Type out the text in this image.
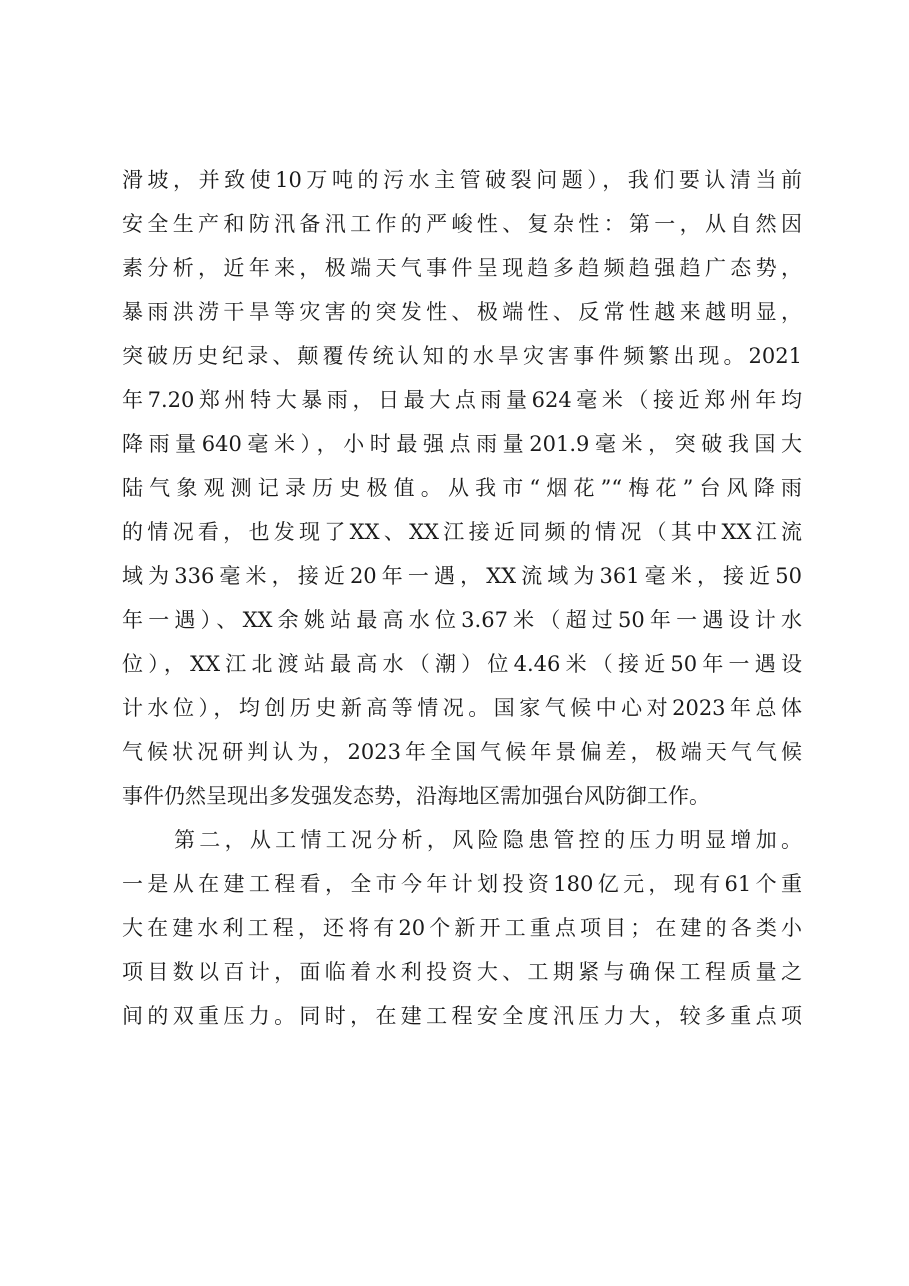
滑坡，并致使10万吨的污水主管破裂问题），我们要认清当前
安全生产和防汛备汛工作的严峻性、复杂性：第一，从自然因
素分析，近年来，极端天气事件呈现趋多趋频趋强趋广态势，
暴雨洪涝干旱等灾害的突发性、极端性、反常性越来越明显，
突破历史纪录、颠覆传统认知的水旱灾害事件频繁出现。2021
年7.20郑州特大暴雨，日最大点雨量624毫米（接近郑州年均
降雨量640毫米），小时最强点雨量201.9毫米，突破我国大
陆气象观测记录历史极值。从我市“烟花”“梅花”台风降雨
的情况看，也发现了XX、XX江接近同频的情况（其中XX江流
域为336毫米，接近20年一遇，XX流域为361毫米，接近50
年一遇）、XX余姚站最高水位3.67米（超过50年一遇设计水
位），XX江北渡站最高水（潮）位4.46米（接近50年一遇设
计水位），均创历史新高等情况。国家气候中心对2023年总体
气候状况研判认为，2023年全国气候年景偏差，极端天气气候
事件仍然呈现出多发强发态势，沿海地区需加强台风防御工作。
第二，从工情工况分析，风险隐患管控的压力明显增加。
一是从在建工程看，全市今年计划投资180亿元，现有61个重
大在建水利工程，还将有20个新开工重点项目；在建的各类小
项目数以百计，面临着水利投资大、工期紧与确保工程质量之
间的双重压力。同时，在建工程安全度汛压力大，较多重点项
